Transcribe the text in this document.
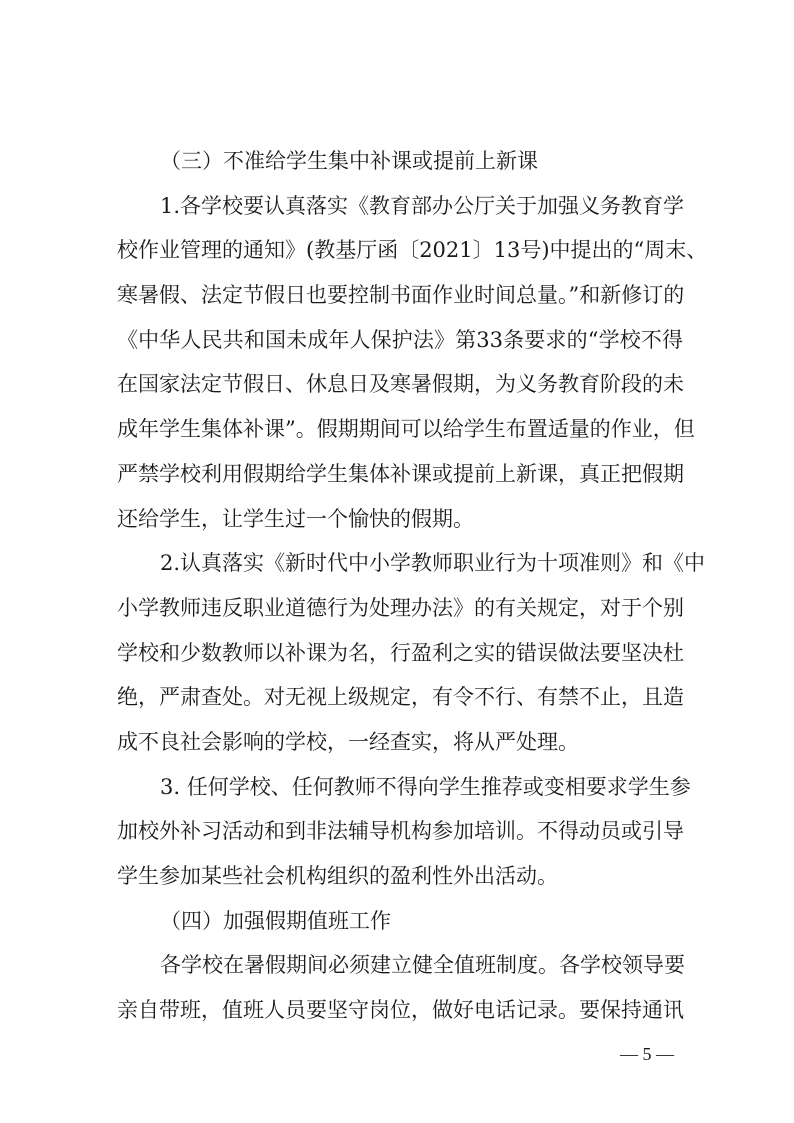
（三）不准给学生集中补课或提前上新课
1.各学校要认真落实《教育部办公厅关于加强义务教育学
校作业管理的通知》(教基厅函〔2021〕13号)中提出的“周末、
寒暑假、法定节假日也要控制书面作业时间总量。”和新修订的
《中华人民共和国未成年人保护法》第33条要求的“学校不得
在国家法定节假日、休息日及寒暑假期，为义务教育阶段的未
成年学生集体补课”。假期期间可以给学生布置适量的作业，但
严禁学校利用假期给学生集体补课或提前上新课，真正把假期
还给学生，让学生过一个愉快的假期。
2.认真落实《新时代中小学教师职业行为十项准则》和《中
小学教师违反职业道德行为处理办法》的有关规定，对于个别
学校和少数教师以补课为名，行盈利之实的错误做法要坚决杜
绝，严肃查处。对无视上级规定，有令不行、有禁不止，且造
成不良社会影响的学校，一经查实，将从严处理。
3. 任何学校、任何教师不得向学生推荐或变相要求学生参
加校外补习活动和到非法辅导机构参加培训。不得动员或引导
学生参加某些社会机构组织的盈利性外出活动。
（四）加强假期值班工作
各学校在暑假期间必须建立健全值班制度。各学校领导要
亲自带班，值班人员要坚守岗位，做好电话记录。要保持通讯
— 5 —
